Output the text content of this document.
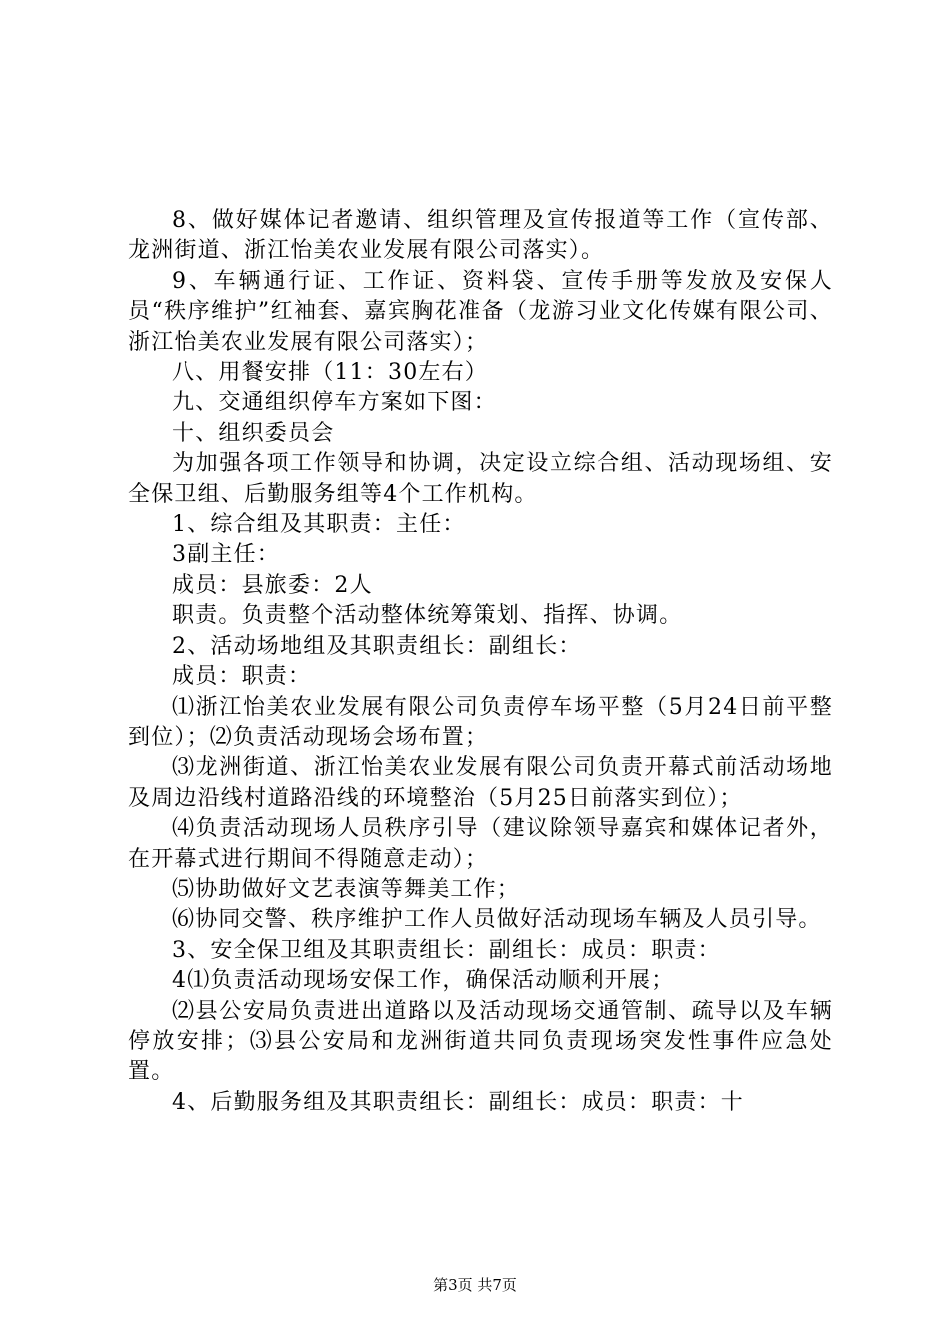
8、做好媒体记者邀请、组织管理及宣传报道等工作（宣传部、龙洲街道、浙江怡美农业发展有限公司落实）。

9、车辆通行证、工作证、资料袋、宣传手册等发放及安保人员“秩序维护”红袖套、嘉宾胸花准备（龙游习业文化传媒有限公司、浙江怡美农业发展有限公司落实）；

八、用餐安排（11：30左右）

九、交通组织停车方案如下图：

十、组织委员会

为加强各项工作领导和协调，决定设立综合组、活动现场组、安全保卫组、后勤服务组等4个工作机构。

1、综合组及其职责：主任：

3副主任：

成员：县旅委：2人

职责。负责整个活动整体统筹策划、指挥、协调。

2、活动场地组及其职责组长：副组长：

成员：职责：

⑴浙江怡美农业发展有限公司负责停车场平整（5月24日前平整到位）；⑵负责活动现场会场布置；

⑶龙洲街道、浙江怡美农业发展有限公司负责开幕式前活动场地及周边沿线村道路沿线的环境整治（5月25日前落实到位）；

⑷负责活动现场人员秩序引导（建议除领导嘉宾和媒体记者外，在开幕式进行期间不得随意走动）；

⑸协助做好文艺表演等舞美工作；

⑹协同交警、秩序维护工作人员做好活动现场车辆及人员引导。

3、安全保卫组及其职责组长：副组长：成员：职责：

4⑴负责活动现场安保工作，确保活动顺利开展；

⑵县公安局负责进出道路以及活动现场交通管制、疏导以及车辆停放安排；⑶县公安局和龙洲街道共同负责现场突发性事件应急处置。

4、后勤服务组及其职责组长：副组长：成员：职责：十

第3页 共7页
